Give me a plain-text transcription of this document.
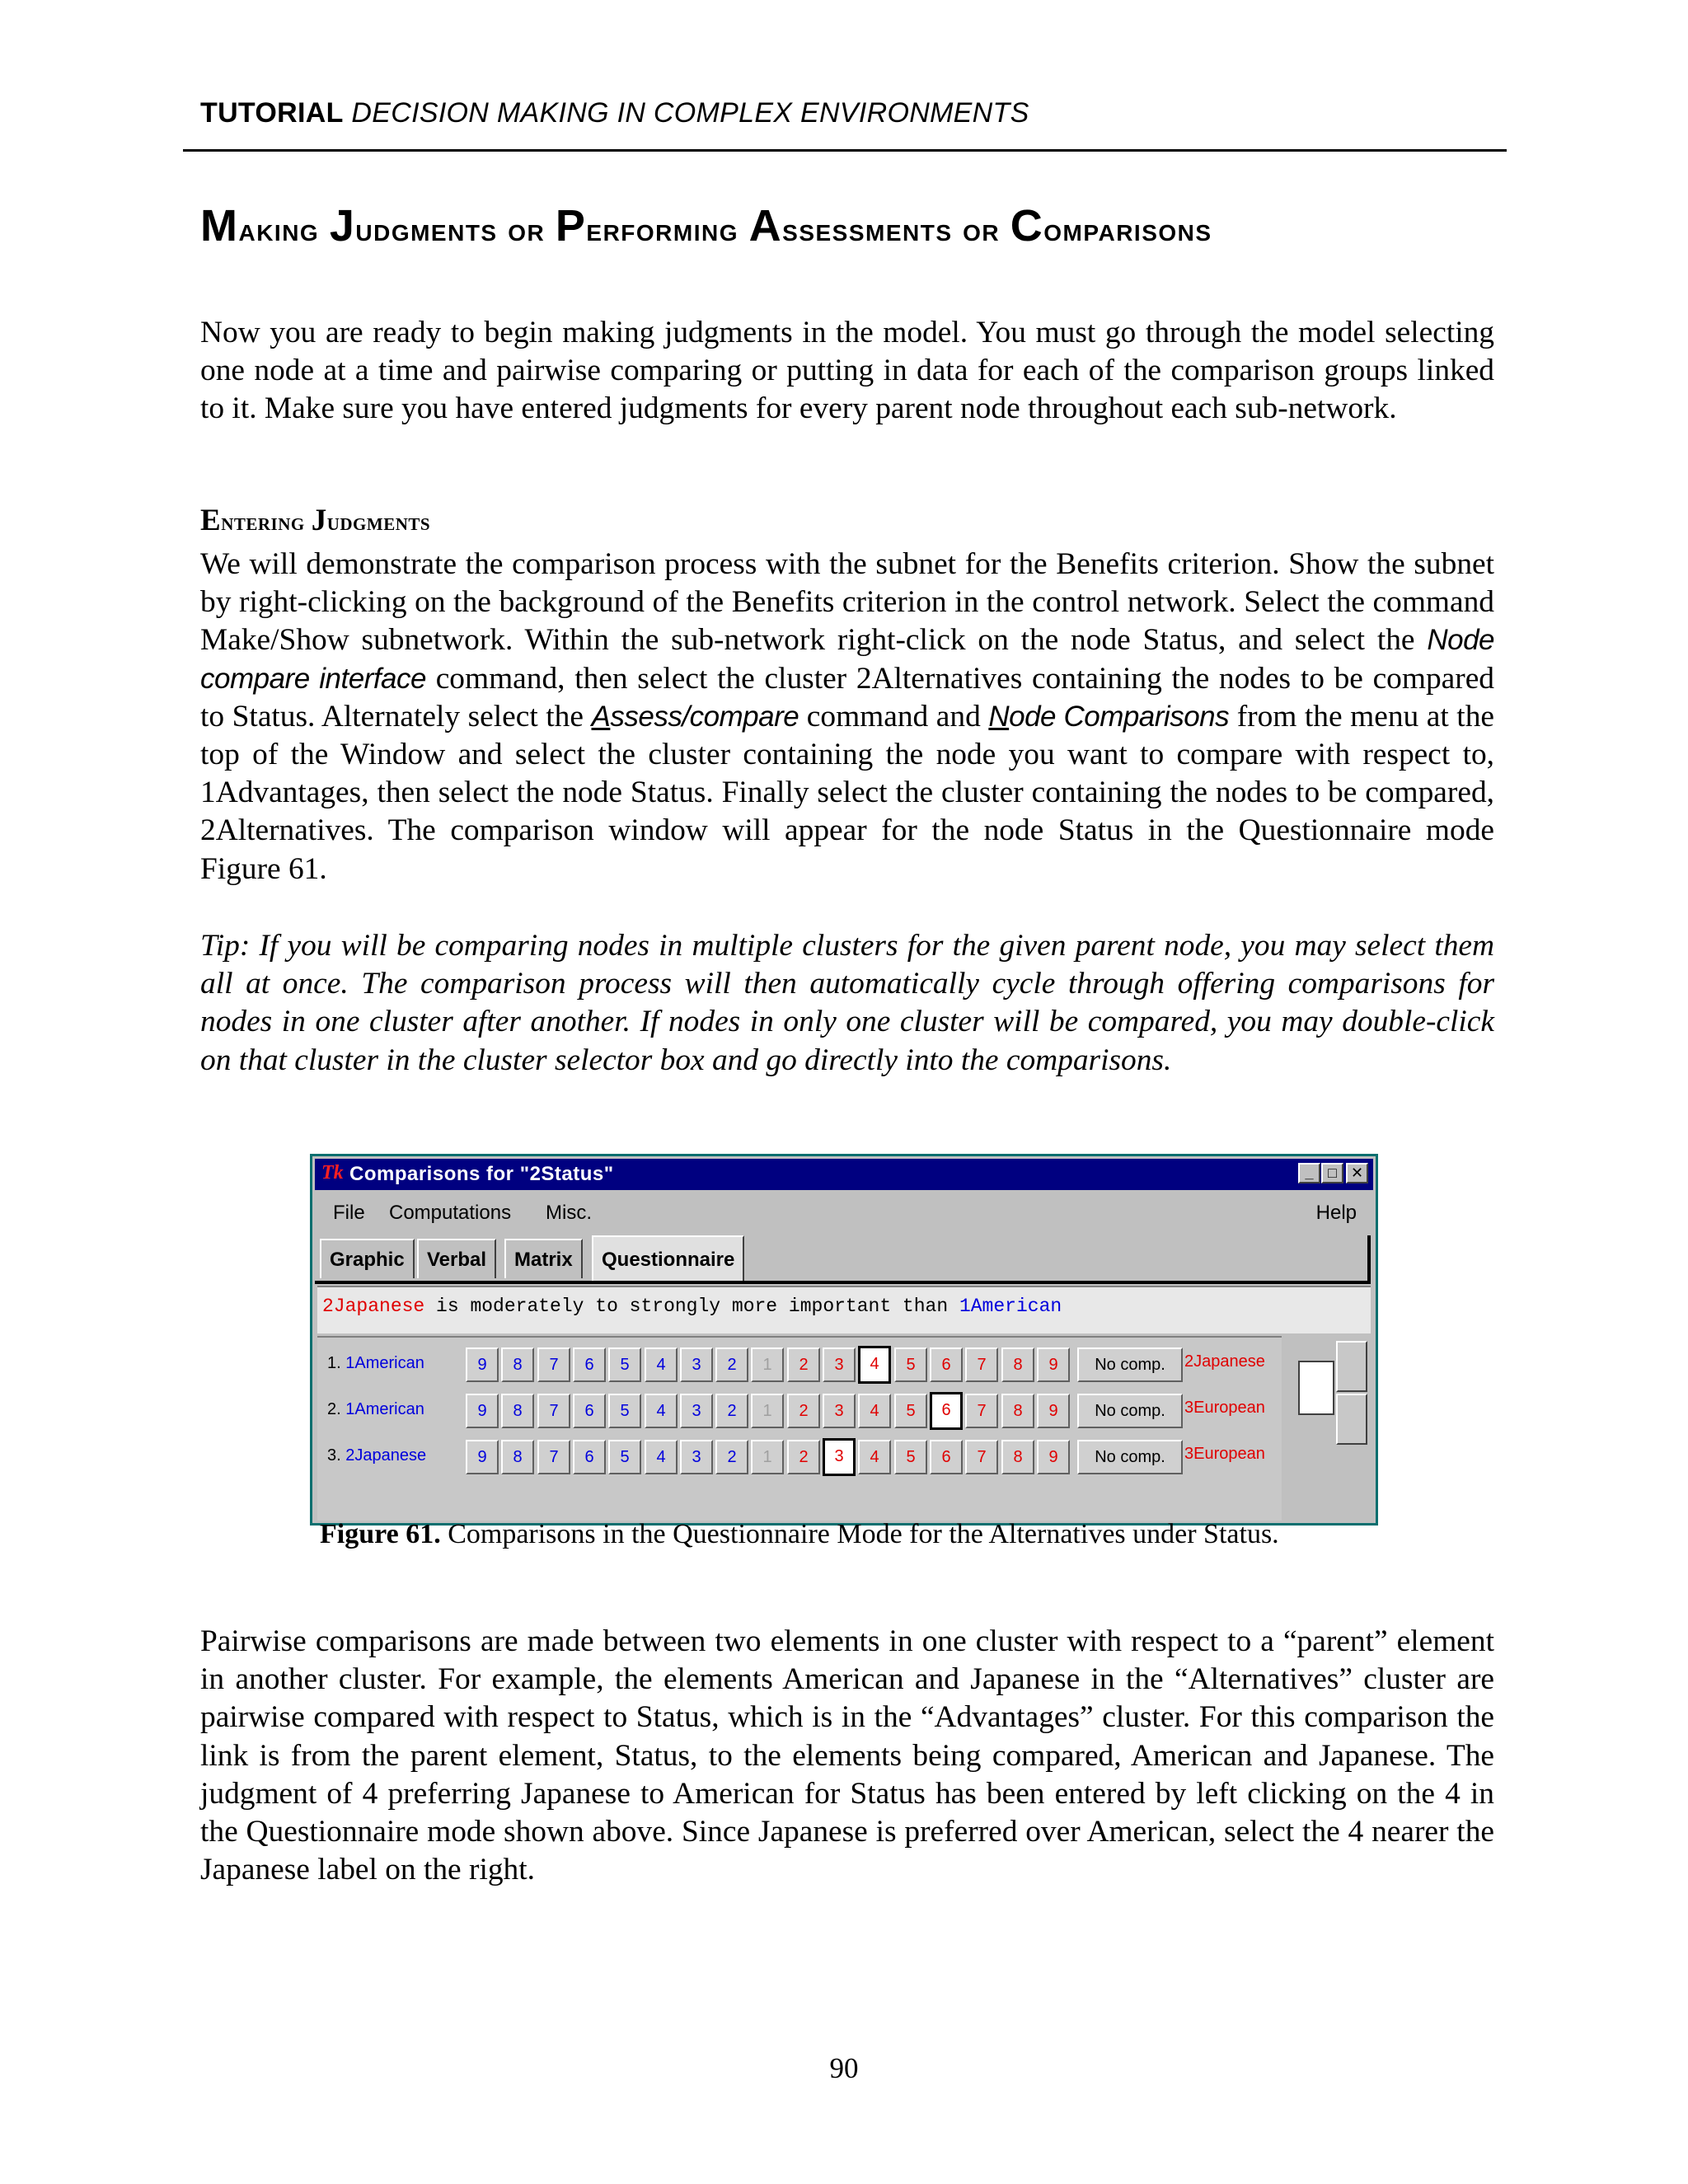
TUTORIAL DECISION MAKING IN COMPLEX ENVIRONMENTS
Making Judgments or Performing Assessments or Comparisons
Now you are ready to begin making judgments in the model. You must go through the model selecting one node at a time and pairwise comparing or putting in data for each of the comparison groups linked to it. Make sure you have entered judgments for every parent node throughout each sub-network.
Entering Judgments
We will demonstrate the comparison process with the subnet for the Benefits criterion. Show the subnet by right-clicking on the background of the Benefits criterion in the control network. Select the command Make/Show subnetwork. Within the sub-network right-click on the node Status, and select the Node compare interface command, then select the cluster 2Alternatives containing the nodes to be compared to Status. Alternately select the Assess/compare command and Node Comparisons from the menu at the top of the Window and select the cluster containing the node you want to compare with respect to, 1Advantages, then select the node Status. Finally select the cluster containing the nodes to be compared, 2Alternatives. The comparison window will appear for the node Status in the Questionnaire mode Figure 61.
Tip: If you will be comparing nodes in multiple clusters for the given parent node, you may select them all at once. The comparison process will then automatically cycle through offering comparisons for nodes in one cluster after another. If nodes in only one cluster will be compared, you may double-click on that cluster in the cluster selector box and go directly into the comparisons.
Tk Comparisons for "2Status"	_ □ ✕
File Computations Misc.	Help
Graphic	Verbal	Matrix	Questionnaire
2Japanese is moderately to strongly more important than 1American
1. 1American	9	8	7	6	5	4	3	2	1	2	3	4	5	6	7	8	9	No comp.	2Japanese
2. 1American	9	8	7	6	5	4	3	2	1	2	3	4	5	6	7	8	9	No comp.	3European
3. 2Japanese	9	8	7	6	5	4	3	2	1	2	3	4	5	6	7	8	9	No comp.	3European
Figure 61. Comparisons in the Questionnaire Mode for the Alternatives under Status.
Pairwise comparisons are made between two elements in one cluster with respect to a “parent” element in another cluster. For example, the elements American and Japanese in the “Alternatives” cluster are pairwise compared with respect to Status, which is in the “Advantages” cluster. For this comparison the link is from the parent element, Status, to the elements being compared, American and Japanese. The judgment of 4 preferring Japanese to American for Status has been entered by left clicking on the 4 in the Questionnaire mode shown above. Since Japanese is preferred over American, select the 4 nearer the Japanese label on the right.
90
